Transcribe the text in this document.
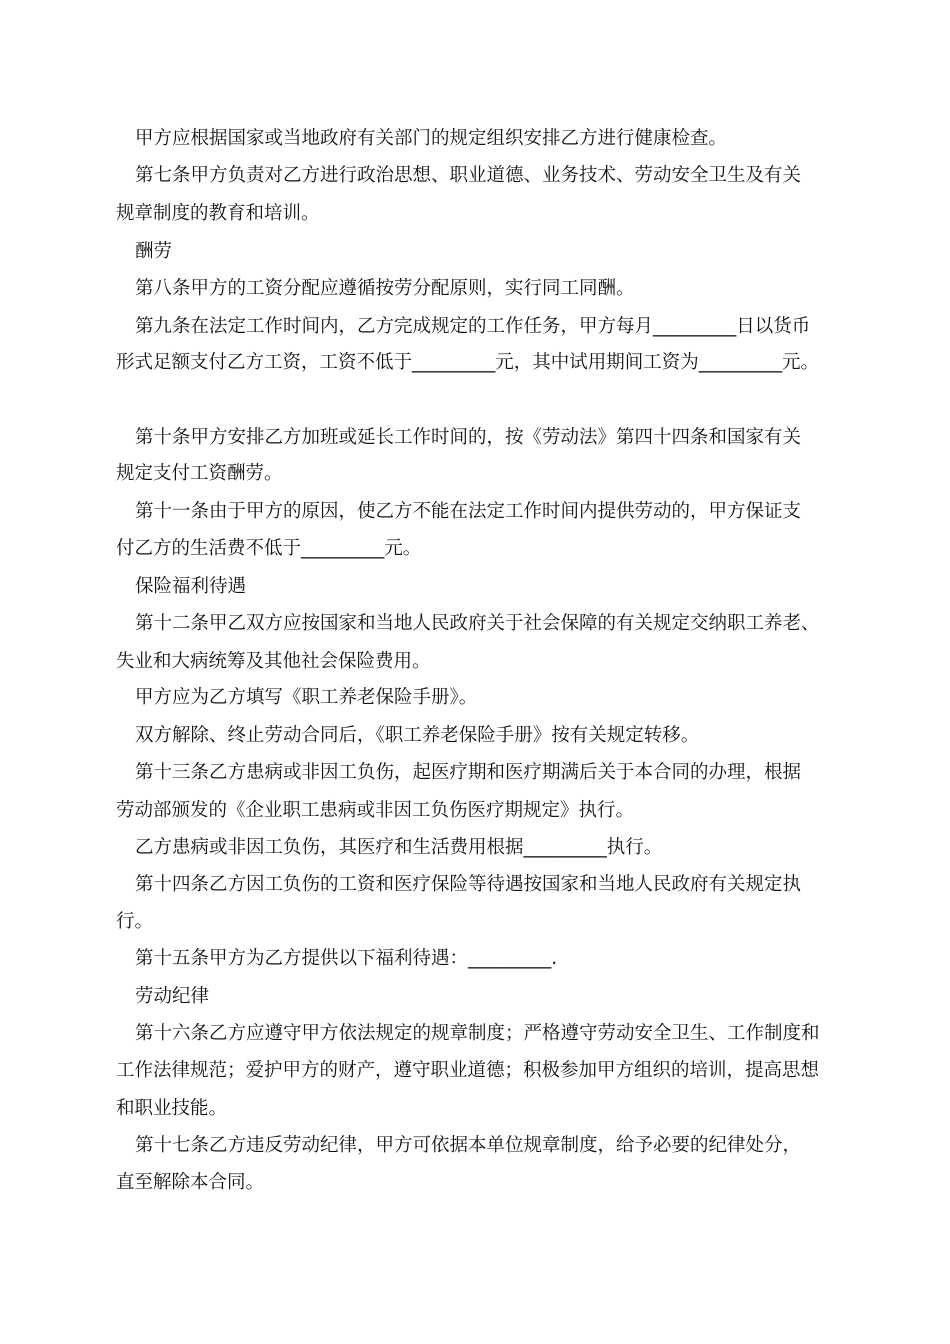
甲方应根据国家或当地政府有关部门的规定组织安排乙方进行健康检查。
第七条甲方负责对乙方进行政治思想、职业道德、业务技术、劳动安全卫生及有关
规章制度的教育和培训。
酬劳
第八条甲方的工资分配应遵循按劳分配原则，实行同工同酬。
第九条在法定工作时间内，乙方完成规定的工作任务，甲方每月_________日以货币
形式足额支付乙方工资，工资不低于_________元，其中试用期间工资为_________元。
第十条甲方安排乙方加班或延长工作时间的，按《劳动法》第四十四条和国家有关
规定支付工资酬劳。
第十一条由于甲方的原因，使乙方不能在法定工作时间内提供劳动的，甲方保证支
付乙方的生活费不低于_________元。
保险福利待遇
第十二条甲乙双方应按国家和当地人民政府关于社会保障的有关规定交纳职工养老、
失业和大病统筹及其他社会保险费用。
甲方应为乙方填写《职工养老保险手册》。
双方解除、终止劳动合同后，《职工养老保险手册》按有关规定转移。
第十三条乙方患病或非因工负伤，起医疗期和医疗期满后关于本合同的办理，根据
劳动部颁发的《企业职工患病或非因工负伤医疗期规定》执行。
乙方患病或非因工负伤，其医疗和生活费用根据_________执行。
第十四条乙方因工负伤的工资和医疗保险等待遇按国家和当地人民政府有关规定执
行。
第十五条甲方为乙方提供以下福利待遇：_________.
劳动纪律
第十六条乙方应遵守甲方依法规定的规章制度；严格遵守劳动安全卫生、工作制度和
工作法律规范；爱护甲方的财产，遵守职业道德；积极参加甲方组织的培训，提高思想
和职业技能。
第十七条乙方违反劳动纪律，甲方可依据本单位规章制度，给予必要的纪律处分，
直至解除本合同。
